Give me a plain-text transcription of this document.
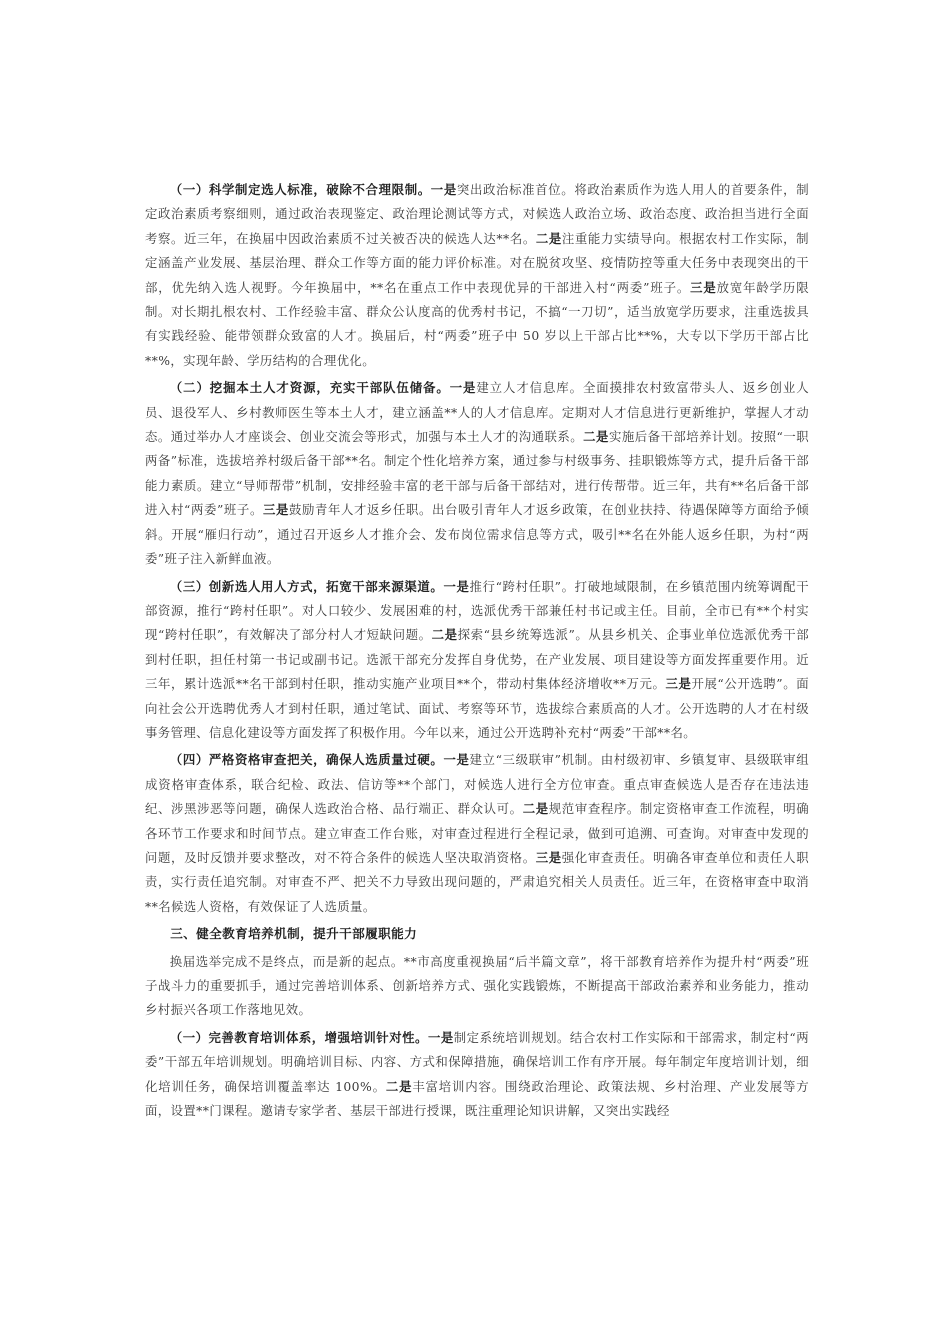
（一）科学制定选人标准，破除不合理限制。一是突出政治标准首位。将政治素质作为选人用人的首要条件，制定政治素质考察细则，通过政治表现鉴定、政治理论测试等方式，对候选人政治立场、政治态度、政治担当进行全面考察。近三年，在换届中因政治素质不过关被否决的候选人达**名。二是注重能力实绩导向。根据农村工作实际，制定涵盖产业发展、基层治理、群众工作等方面的能力评价标准。对在脱贫攻坚、疫情防控等重大任务中表现突出的干部，优先纳入选人视野。今年换届中，**名在重点工作中表现优异的干部进入村“两委”班子。三是放宽年龄学历限制。对长期扎根农村、工作经验丰富、群众公认度高的优秀村书记，不搞“一刀切”，适当放宽学历要求，注重选拔具有实践经验、能带领群众致富的人才。换届后，村“两委”班子中 50 岁以上干部占比**%，大专以下学历干部占比**%，实现年龄、学历结构的合理优化。

（二）挖掘本土人才资源，充实干部队伍储备。一是建立人才信息库。全面摸排农村致富带头人、返乡创业人员、退役军人、乡村教师医生等本土人才，建立涵盖**人的人才信息库。定期对人才信息进行更新维护，掌握人才动态。通过举办人才座谈会、创业交流会等形式，加强与本土人才的沟通联系。二是实施后备干部培养计划。按照“一职两备”标准，选拔培养村级后备干部**名。制定个性化培养方案，通过参与村级事务、挂职锻炼等方式，提升后备干部能力素质。建立“导师帮带”机制，安排经验丰富的老干部与后备干部结对，进行传帮带。近三年，共有**名后备干部进入村“两委”班子。三是鼓励青年人才返乡任职。出台吸引青年人才返乡政策，在创业扶持、待遇保障等方面给予倾斜。开展“雁归行动”，通过召开返乡人才推介会、发布岗位需求信息等方式，吸引**名在外能人返乡任职，为村“两委”班子注入新鲜血液。

（三）创新选人用人方式，拓宽干部来源渠道。一是推行“跨村任职”。打破地域限制，在乡镇范围内统筹调配干部资源，推行“跨村任职”。对人口较少、发展困难的村，选派优秀干部兼任村书记或主任。目前，全市已有**个村实现“跨村任职”，有效解决了部分村人才短缺问题。二是探索“县乡统筹选派”。从县乡机关、企事业单位选派优秀干部到村任职，担任村第一书记或副书记。选派干部充分发挥自身优势，在产业发展、项目建设等方面发挥重要作用。近三年，累计选派**名干部到村任职，推动实施产业项目**个，带动村集体经济增收**万元。三是开展“公开选聘”。面向社会公开选聘优秀人才到村任职，通过笔试、面试、考察等环节，选拔综合素质高的人才。公开选聘的人才在村级事务管理、信息化建设等方面发挥了积极作用。今年以来，通过公开选聘补充村“两委”干部**名。

（四）严格资格审查把关，确保人选质量过硬。一是建立“三级联审”机制。由村级初审、乡镇复审、县级联审组成资格审查体系，联合纪检、政法、信访等**个部门，对候选人进行全方位审查。重点审查候选人是否存在违法违纪、涉黑涉恶等问题，确保人选政治合格、品行端正、群众认可。二是规范审查程序。制定资格审查工作流程，明确各环节工作要求和时间节点。建立审查工作台账，对审查过程进行全程记录，做到可追溯、可查询。对审查中发现的问题，及时反馈并要求整改，对不符合条件的候选人坚决取消资格。三是强化审查责任。明确各审查单位和责任人职责，实行责任追究制。对审查不严、把关不力导致出现问题的，严肃追究相关人员责任。近三年，在资格审查中取消**名候选人资格，有效保证了人选质量。

三、健全教育培养机制，提升干部履职能力

换届选举完成不是终点，而是新的起点。**市高度重视换届“后半篇文章”，将干部教育培养作为提升村“两委”班子战斗力的重要抓手，通过完善培训体系、创新培养方式、强化实践锻炼，不断提高干部政治素养和业务能力，推动乡村振兴各项工作落地见效。

（一）完善教育培训体系，增强培训针对性。一是制定系统培训规划。结合农村工作实际和干部需求，制定村“两委”干部五年培训规划。明确培训目标、内容、方式和保障措施，确保培训工作有序开展。每年制定年度培训计划，细化培训任务，确保培训覆盖率达 100%。二是丰富培训内容。围绕政治理论、政策法规、乡村治理、产业发展等方面，设置**门课程。邀请专家学者、基层干部进行授课，既注重理论知识讲解，又突出实践经
